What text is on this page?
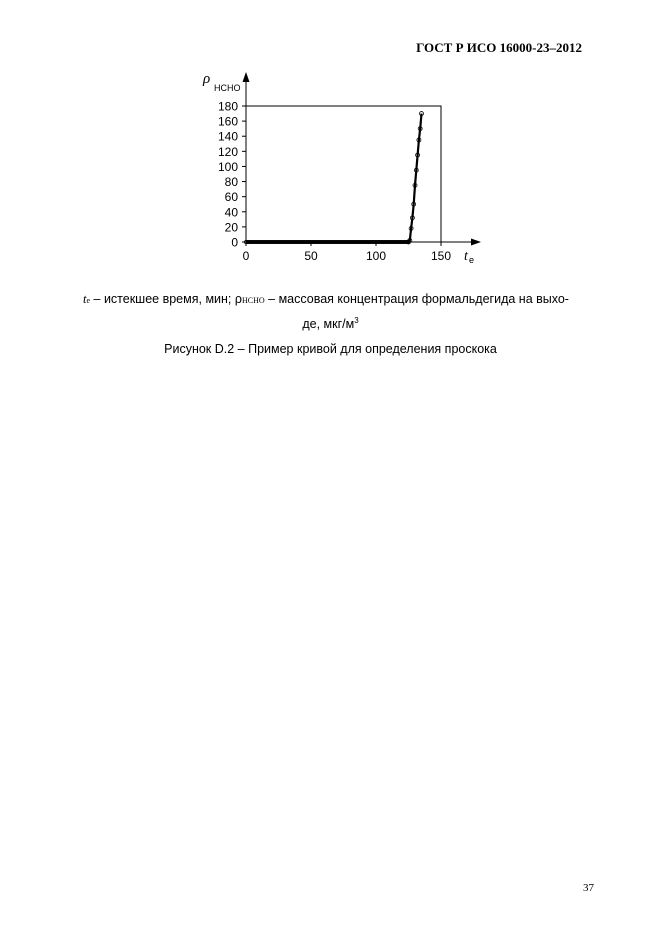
ГОСТ Р ИСО 16000-23–2012
0
20
40
60
80
100
120
140
160
180
0	50	100	150
ρ
HCHO
t e
te – истекшее время, мин; ρHCHO – массовая концентрация формальдегида на выхо-
де, мкг/$м^3$
Рисунок D.2 – Пример кривой для определения проскока
37
